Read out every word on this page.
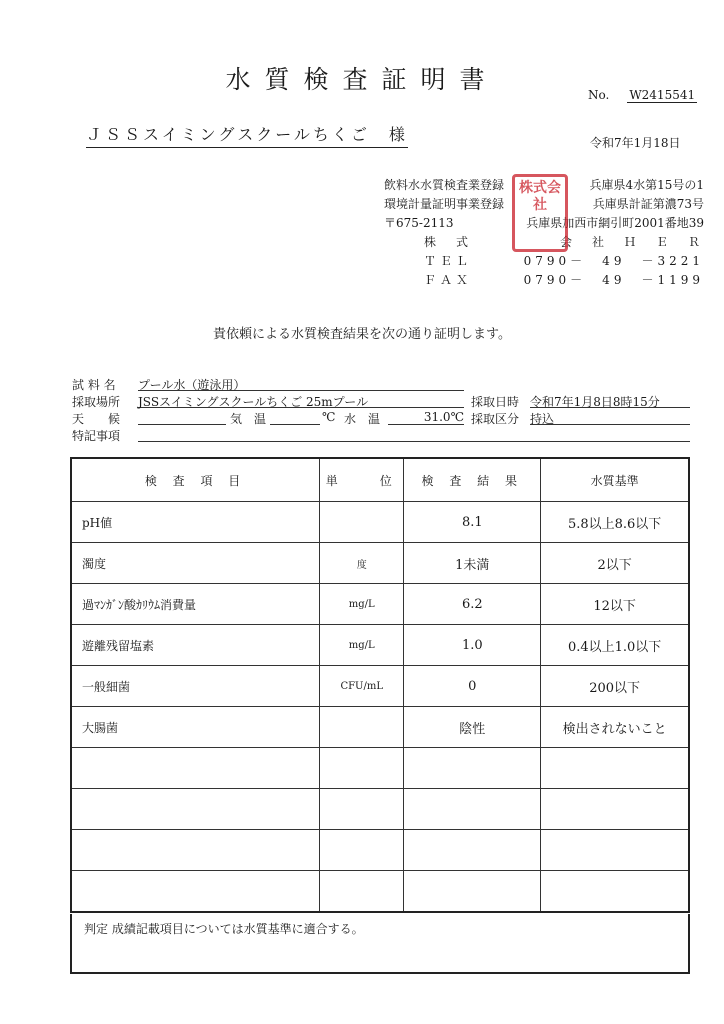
水質検査証明書
No. W2415541
ＪＳＳスイミングスクールちくご　様	令和7年1月18日
飲料水水質検査業登録	兵庫県4水第15号の1
環境計量証明事業登録	兵庫県計証第濃73号
〒675-2113	兵庫県加西市網引町2001番地39
株　式	会　社　Ｈ　Ｅ　Ｒ
ＴＥＬ	0790－　49　－3221
ＦＡＸ	0790－　49　－1199
株式会社
貴依頼による水質検査結果を次の通り証明します。
試 料 名 プール水（遊泳用）
採取場所 JSSスイミングスクールちくご 25mプール	採取日時 令和7年1月8日8時15分
天　　候	気　温	℃ 水　温	31.0℃ 採取区分 持込
特記事項
検 査 項 目	単　　位	検 査 結 果	水質基準
pH値		8.1	5.8以上8.6以下
濁度	度	1未満	2以下
過ﾏﾝｶﾞﾝ酸ｶﾘｳﾑ消費量	mg/L	6.2	12以下
遊離残留塩素	mg/L	1.0	0.4以上1.0以下
一般細菌	CFU/mL	0	200以下
大腸菌		陰性	検出されないこと

判定 成績記載項目については水質基準に適合する。
